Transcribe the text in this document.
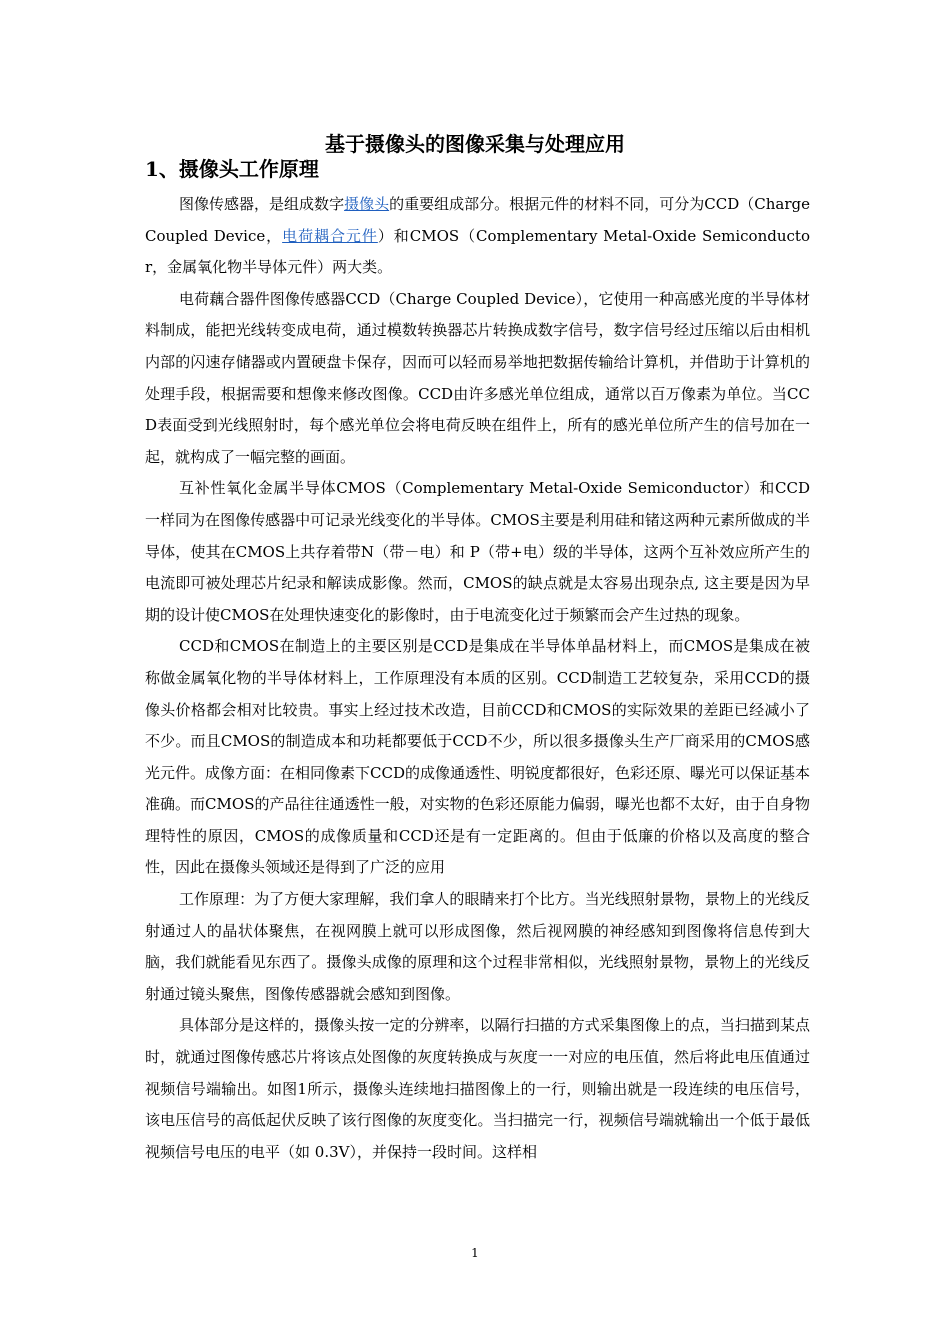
基于摄像头的图像采集与处理应用
1、摄像头工作原理

图像传感器，是组成数字摄像头的重要组成部分。根据元件的材料不同，可分为CCD（Charge Coupled Device，电荷耦合元件）和CMOS（Complementary Metal-Oxide Semiconductor，金属氧化物半导体元件）两大类。

电荷藕合器件图像传感器CCD（Charge Coupled Device），它使用一种高感光度的半导体材料制成，能把光线转变成电荷，通过模数转换器芯片转换成数字信号，数字信号经过压缩以后由相机内部的闪速存储器或内置硬盘卡保存，因而可以轻而易举地把数据传输给计算机，并借助于计算机的处理手段，根据需要和想像来修改图像。CCD由许多感光单位组成，通常以百万像素为单位。当CCD表面受到光线照射时，每个感光单位会将电荷反映在组件上，所有的感光单位所产生的信号加在一起，就构成了一幅完整的画面。

互补性氧化金属半导体CMOS（Complementary Metal-Oxide Semiconductor）和CCD一样同为在图像传感器中可记录光线变化的半导体。CMOS主要是利用硅和锗这两种元素所做成的半导体，使其在CMOS上共存着带N（带－电）和 P（带+电）级的半导体，这两个互补效应所产生的电流即可被处理芯片纪录和解读成影像。然而，CMOS的缺点就是太容易出现杂点, 这主要是因为早期的设计使CMOS在处理快速变化的影像时，由于电流变化过于频繁而会产生过热的现象。

CCD和CMOS在制造上的主要区别是CCD是集成在半导体单晶材料上，而CMOS是集成在被称做金属氧化物的半导体材料上，工作原理没有本质的区别。CCD制造工艺较复杂，采用CCD的摄像头价格都会相对比较贵。事实上经过技术改造，目前CCD和CMOS的实际效果的差距已经减小了不少。而且CMOS的制造成本和功耗都要低于CCD不少，所以很多摄像头生产厂商采用的CMOS感光元件。成像方面：在相同像素下CCD的成像通透性、明锐度都很好，色彩还原、曝光可以保证基本准确。而CMOS的产品往往通透性一般，对实物的色彩还原能力偏弱，曝光也都不太好，由于自身物理特性的原因，CMOS的成像质量和CCD还是有一定距离的。但由于低廉的价格以及高度的整合性，因此在摄像头领域还是得到了广泛的应用

工作原理：为了方便大家理解，我们拿人的眼睛来打个比方。当光线照射景物，景物上的光线反射通过人的晶状体聚焦，在视网膜上就可以形成图像，然后视网膜的神经感知到图像将信息传到大脑，我们就能看见东西了。摄像头成像的原理和这个过程非常相似，光线照射景物，景物上的光线反射通过镜头聚焦，图像传感器就会感知到图像。

具体部分是这样的，摄像头按一定的分辨率，以隔行扫描的方式采集图像上的点，当扫描到某点时，就通过图像传感芯片将该点处图像的灰度转换成与灰度一一对应的电压值，然后将此电压值通过视频信号端输出。如图1所示，摄像头连续地扫描图像上的一行，则输出就是一段连续的电压信号，该电压信号的高低起伏反映了该行图像的灰度变化。当扫描完一行，视频信号端就输出一个低于最低视频信号电压的电平（如 0.3V），并保持一段时间。这样相

1
